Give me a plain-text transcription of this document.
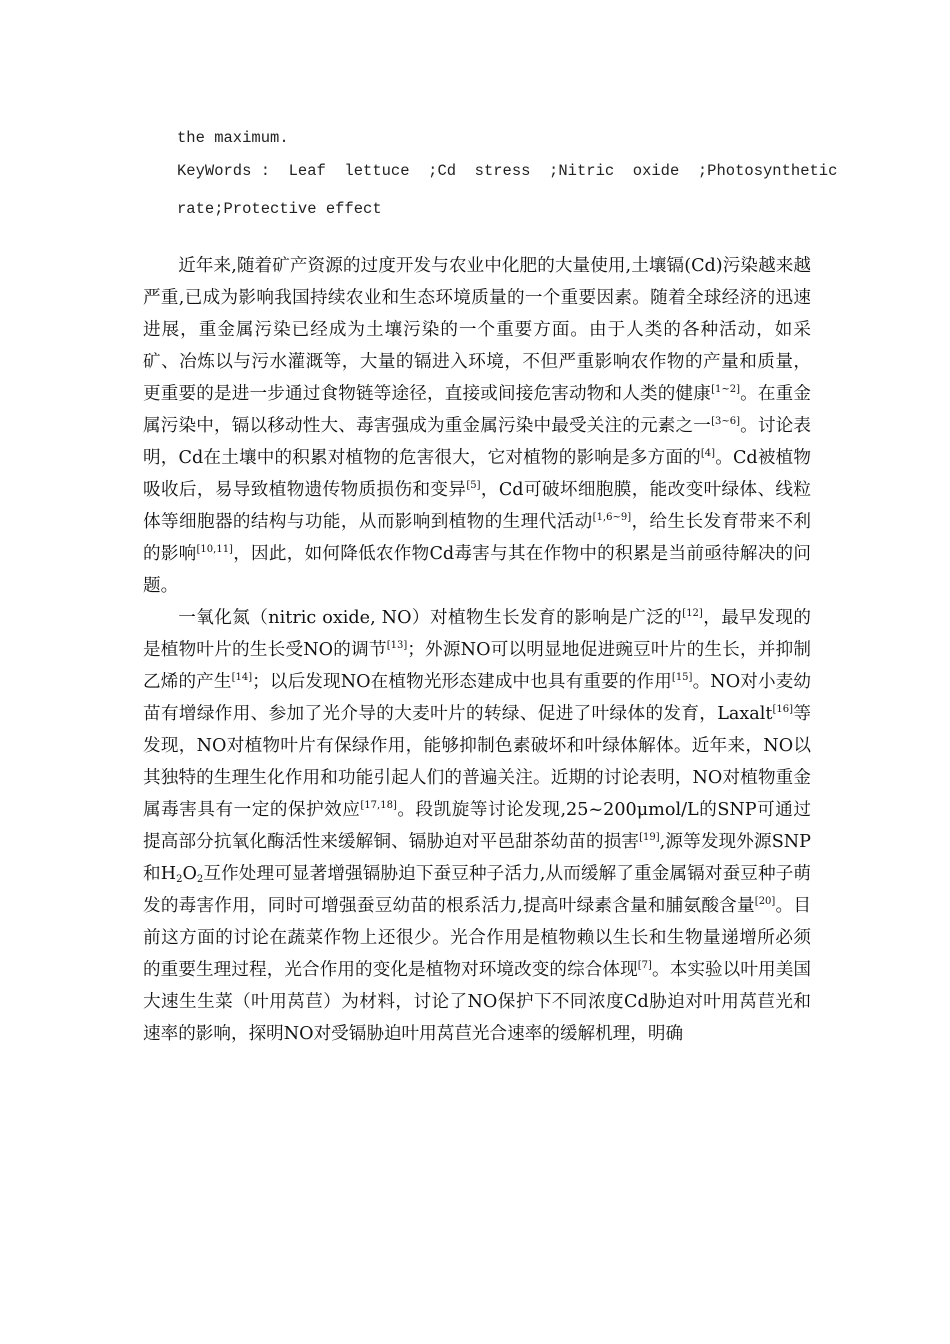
the maximum.
KeyWords :  Leaf  lettuce  ;Cd  stress  ;Nitric  oxide  ;Photosynthetic
rate;Protective effect

近年来,随着矿产资源的过度开发与农业中化肥的大量使用,土壤镉(Cd)污染越来越严重,已成为影响我国持续农业和生态环境质量的一个重要因素。随着全球经济的迅速进展，重金属污染已经成为土壤污染的一个重要方面。由于人类的各种活动，如采矿、冶炼以与污水灌溉等，大量的镉进入环境，不但严重影响农作物的产量和质量，更重要的是进一步通过食物链等途径，直接或间接危害动物和人类的健康[1~2]。在重金属污染中，镉以移动性大、毒害强成为重金属污染中最受关注的元素之一[3~6]。讨论表明，Cd在土壤中的积累对植物的危害很大，它对植物的影响是多方面的[4]。Cd被植物吸收后，易导致植物遗传物质损伤和变异[5]，Cd可破坏细胞膜，能改变叶绿体、线粒体等细胞器的结构与功能，从而影响到植物的生理代活动[1,6~9]，给生长发育带来不利的影响[10,11]，因此，如何降低农作物Cd毒害与其在作物中的积累是当前亟待解决的问题。

一氧化氮（nitric oxide, NO）对植物生长发育的影响是广泛的[12]，最早发现的是植物叶片的生长受NO的调节[13]；外源NO可以明显地促进豌豆叶片的生长，并抑制乙烯的产生[14]；以后发现NO在植物光形态建成中也具有重要的作用[15]。NO对小麦幼苗有增绿作用、参加了光介导的大麦叶片的转绿、促进了叶绿体的发育，Laxalt[16]等发现，NO对植物叶片有保绿作用，能够抑制色素破坏和叶绿体解体。近年来，NO以其独特的生理生化作用和功能引起人们的普遍关注。近期的讨论表明，NO对植物重金属毒害具有一定的保护效应[17,18]。段凯旋等讨论发现,25~200μmol/L的SNP可通过提高部分抗氧化酶活性来缓解铜、镉胁迫对平邑甜茶幼苗的损害[19],源等发现外源SNP和$H_2O_2$互作处理可显著增强镉胁迫下蚕豆种子活力,从而缓解了重金属镉对蚕豆种子萌发的毒害作用，同时可增强蚕豆幼苗的根系活力,提高叶绿素含量和脯氨酸含量[20]。目前这方面的讨论在蔬菜作物上还很少。光合作用是植物赖以生长和生物量递增所必须的重要生理过程，光合作用的变化是植物对环境改变的综合体现[7]。本实验以叶用美国大速生生菜（叶用莴苣）为材料，讨论了NO保护下不同浓度Cd胁迫对叶用莴苣光和速率的影响，探明NO对受镉胁迫叶用莴苣光合速率的缓解机理，明确
